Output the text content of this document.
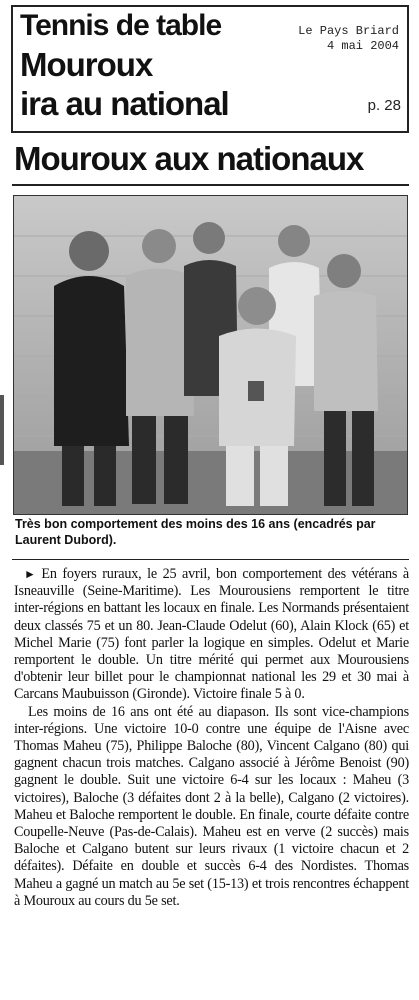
Tennis de table
Mouroux
ira au national
Le Pays Briard
4 mai 2004
p. 28
Mouroux aux nationaux
Très bon comportement des moins des 16 ans (encadrés par Laurent Dubord).

► En foyers ruraux, le 25 avril, bon comportement des vétérans à Isneauville (Seine-Maritime). Les Mourousiens remportent le titre inter-régions en battant les locaux en finale. Les Normands présentaient deux classés 75 et un 80. Jean-Claude Odelut (60), Alain Klock (65) et Michel Marie (75) font parler la logique en simples. Odelut et Marie remportent le double. Un titre mérité qui permet aux Mourousiens d'obtenir leur billet pour le championnat national les 29 et 30 mai à Carcans Maubuisson (Gironde). Victoire finale 5 à 0.

Les moins de 16 ans ont été au diapason. Ils sont vice-champions inter-régions. Une victoire 10-0 contre une équipe de l'Aisne avec Thomas Maheu (75), Philippe Baloche (80), Vincent Calgano (80) qui gagnent chacun trois matches. Calgano associé à Jérôme Benoist (90) gagnent le double. Suit une victoire 6-4 sur les locaux : Maheu (3 victoires), Baloche (3 défaites dont 2 à la belle), Calgano (2 victoires). Maheu et Baloche remportent le double. En finale, courte défaite contre Coupelle-Neuve (Pas-de-Calais). Maheu est en verve (2 succès) mais Baloche et Calgano butent sur leurs rivaux (1 victoire chacun et 2 défaites). Défaite en double et succès 6-4 des Nordistes. Thomas Maheu a gagné un match au 5e set (15-13) et trois rencontres échappent à Mouroux au cours du 5e set.
